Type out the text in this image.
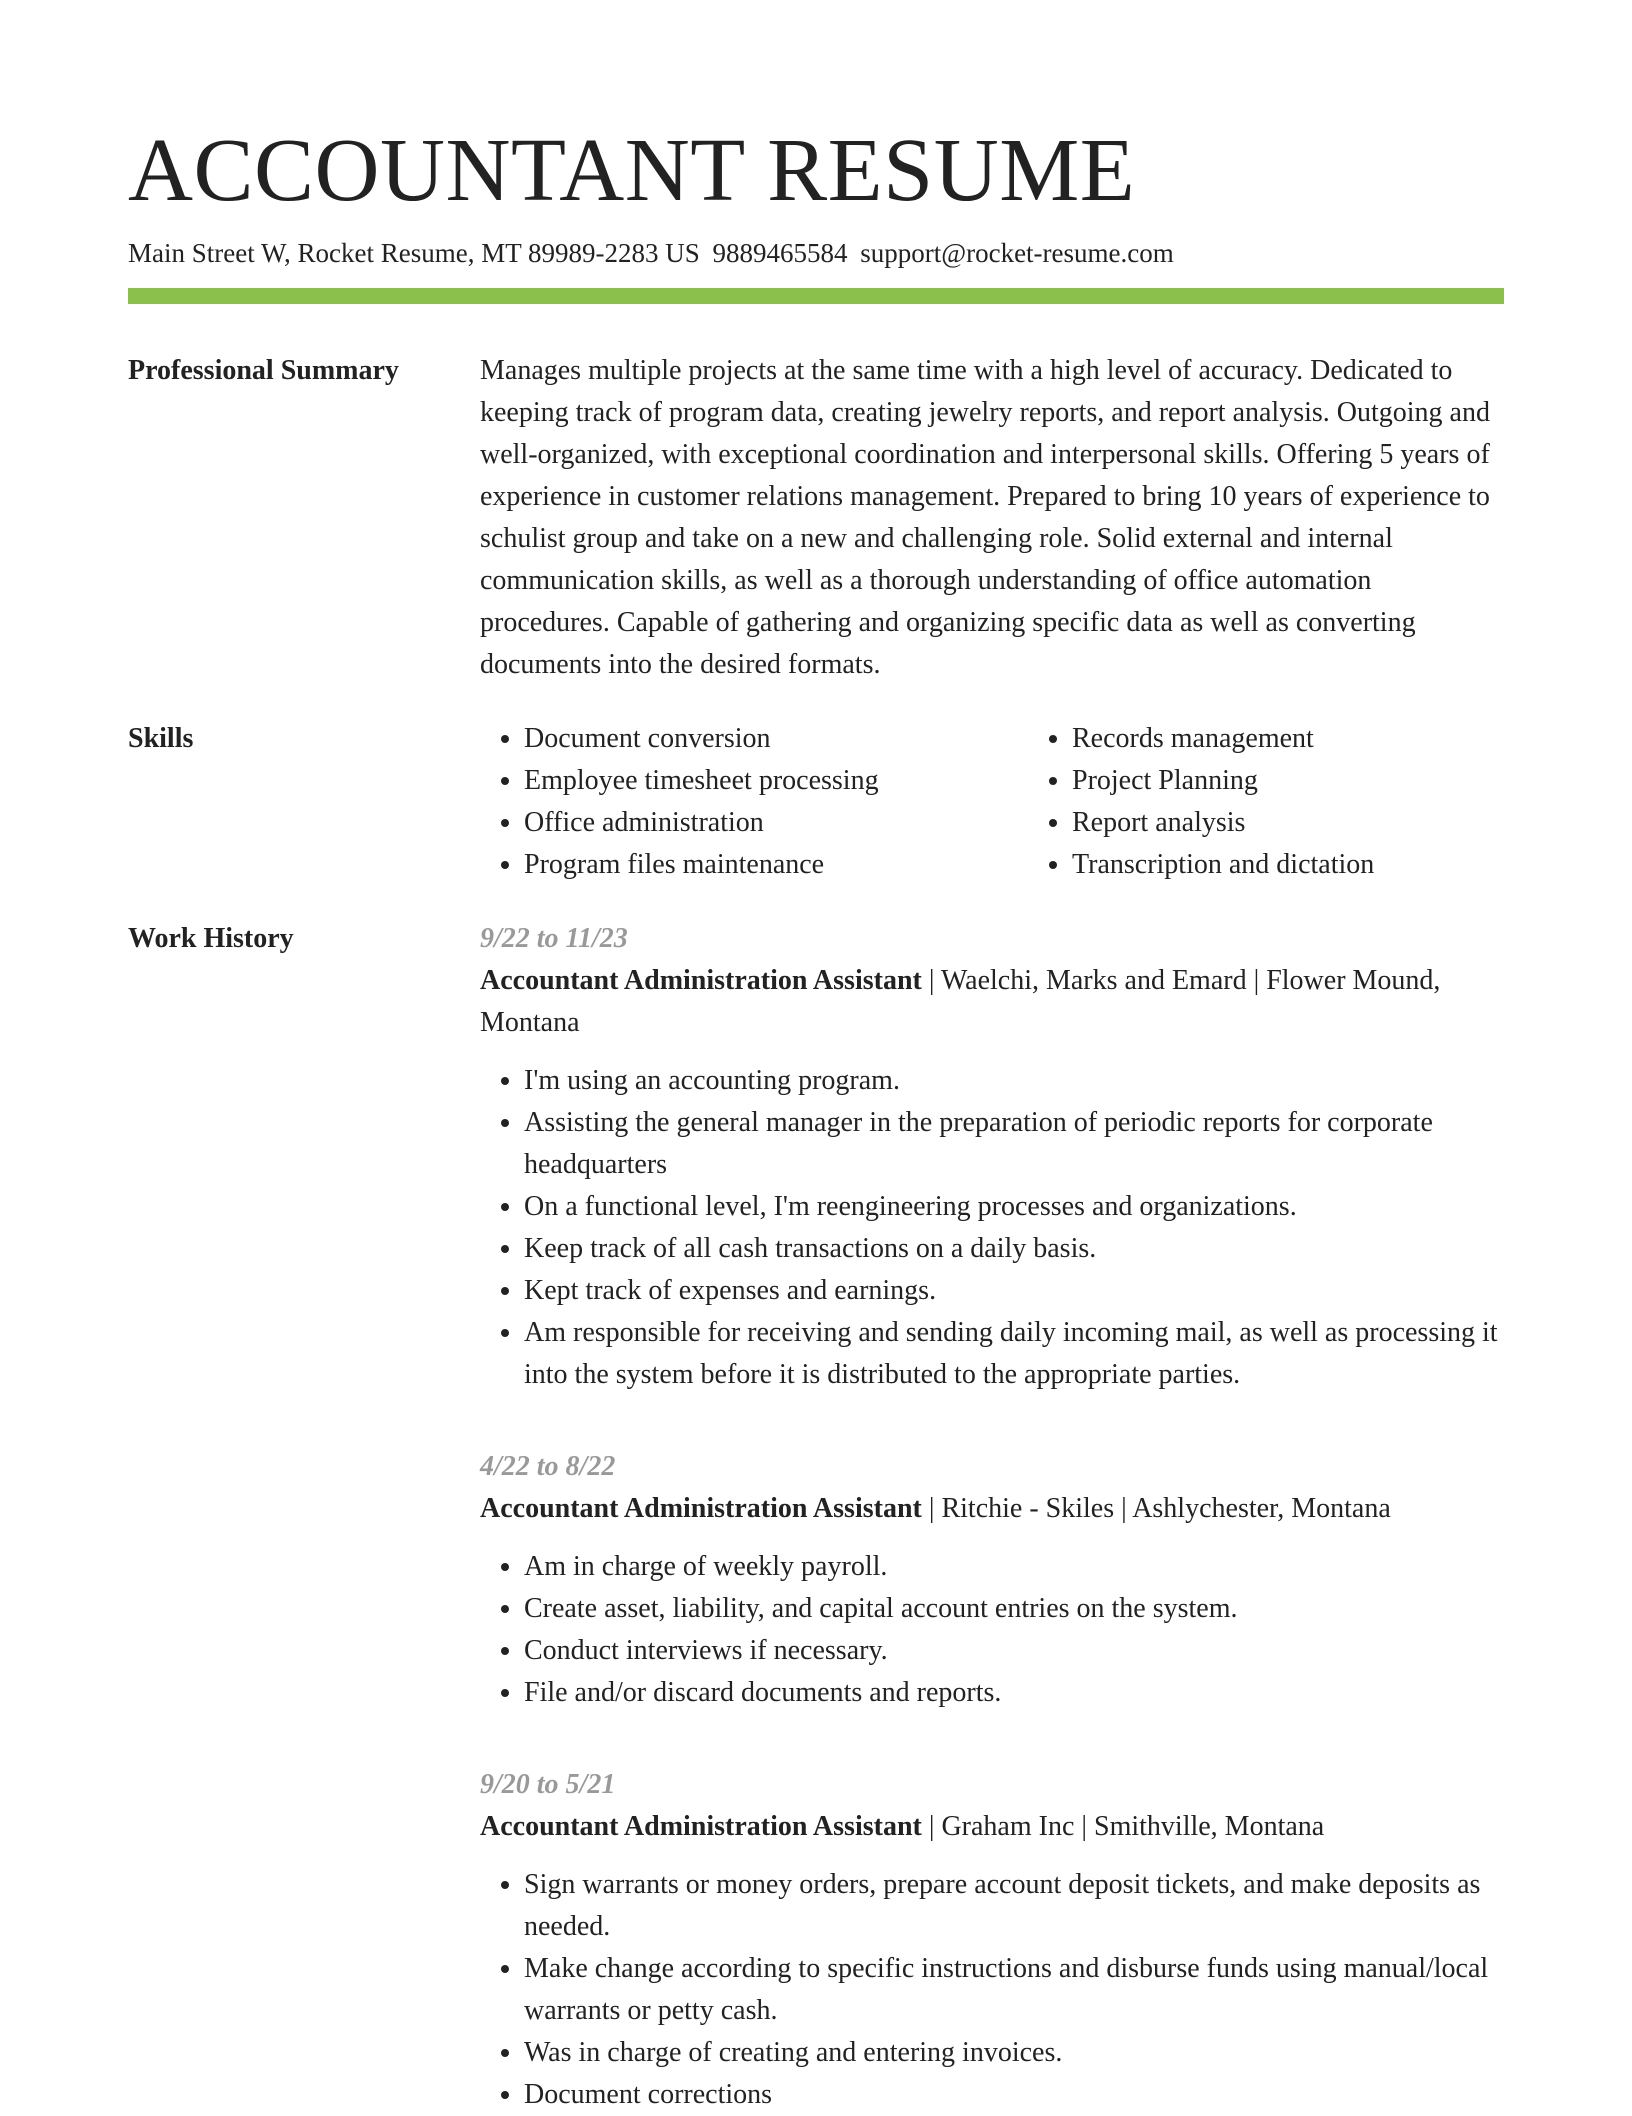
ACCOUNTANT RESUME
Main Street W, Rocket Resume, MT 89989-2283 US 9889465584 support@rocket-resume.com
Professional Summary	Manages multiple projects at the same time with a high level of accuracy. Dedicated to keeping track of program data, creating jewelry reports, and report analysis. Outgoing and well-organized, with exceptional coordination and interpersonal skills. Offering 5 years of experience in customer relations management. Prepared to bring 10 years of experience to schulist group and take on a new and challenging role. Solid external and internal communication skills, as well as a thorough understanding of office automation procedures. Capable of gathering and organizing specific data as well as converting documents into the desired formats.

Skills
•	Document conversion
• Employee timesheet processing
• Office administration
• Program files maintenance
• Records management
• Project Planning
• Report analysis
• Transcription and dictation
Work History	9/22 to 11/23
Accountant Administration Assistant | Waelchi, Marks and Emard | Flower Mound, Montana
• I'm using an accounting program.
• Assisting the general manager in the preparation of periodic reports for corporate headquarters
• On a functional level, I'm reengineering processes and organizations.
• Keep track of all cash transactions on a daily basis.
• Kept track of expenses and earnings.
• Am responsible for receiving and sending daily incoming mail, as well as processing it into the system before it is distributed to the appropriate parties.
4/22 to 8/22
Accountant Administration Assistant | Ritchie - Skiles | Ashlychester, Montana
• Am in charge of weekly payroll.
• Create asset, liability, and capital account entries on the system.
• Conduct interviews if necessary.
• File and/or discard documents and reports.
9/20 to 5/21
Accountant Administration Assistant | Graham Inc | Smithville, Montana
• Sign warrants or money orders, prepare account deposit tickets, and make deposits as needed.
• Make change according to specific instructions and disburse funds using manual/local warrants or petty cash.
• Was in charge of creating and entering invoices.
• Document corrections
